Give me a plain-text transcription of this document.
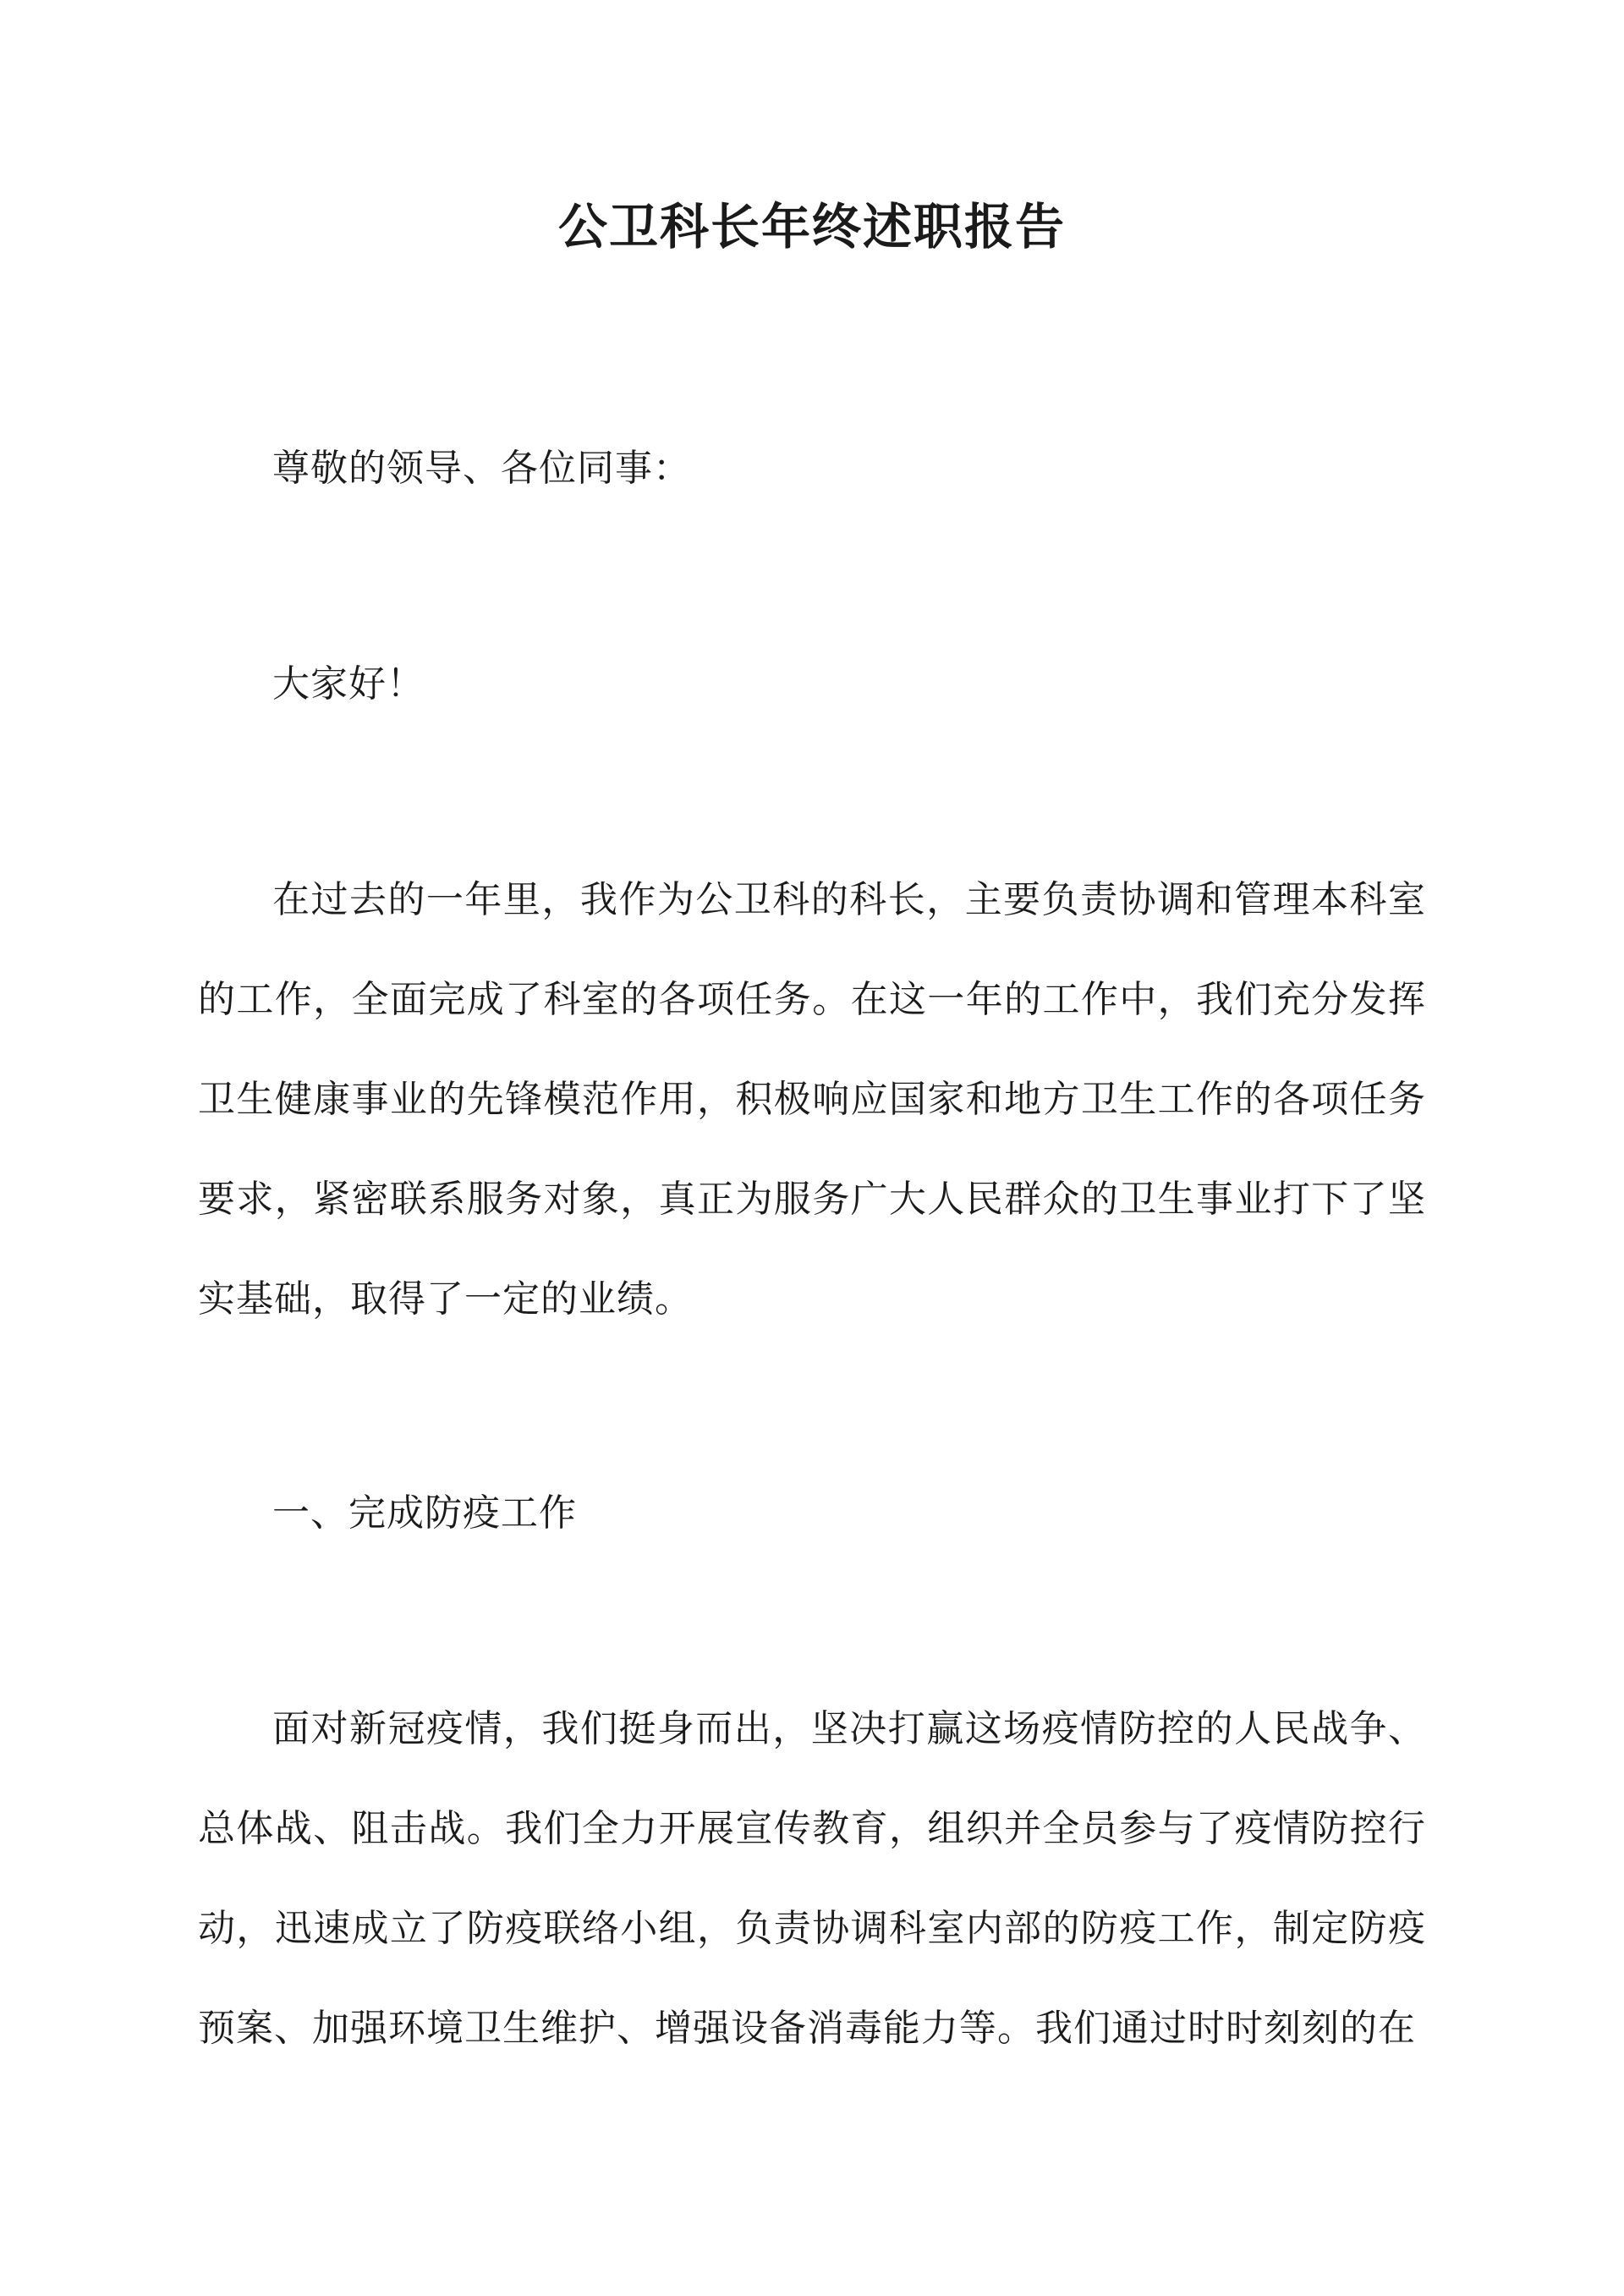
公卫科长年终述职报告

尊敬的领导、各位同事：

大家好！

在过去的一年里，我作为公卫科的科长，主要负责协调和管理本科室的工作，全面完成了科室的各项任务。在这一年的工作中，我们充分发挥卫生健康事业的先锋模范作用，积极响应国家和地方卫生工作的各项任务要求，紧密联系服务对象，真正为服务广大人民群众的卫生事业打下了坚实基础，取得了一定的业绩。

一、完成防疫工作

面对新冠疫情，我们挺身而出，坚决打赢这场疫情防控的人民战争、总体战、阻击战。我们全力开展宣传教育，组织并全员参与了疫情防控行动，迅速成立了防疫联络小组，负责协调科室内部的防疫工作，制定防疫预案、加强环境卫生维护、增强设备消毒能力等。我们通过时时刻刻的在
